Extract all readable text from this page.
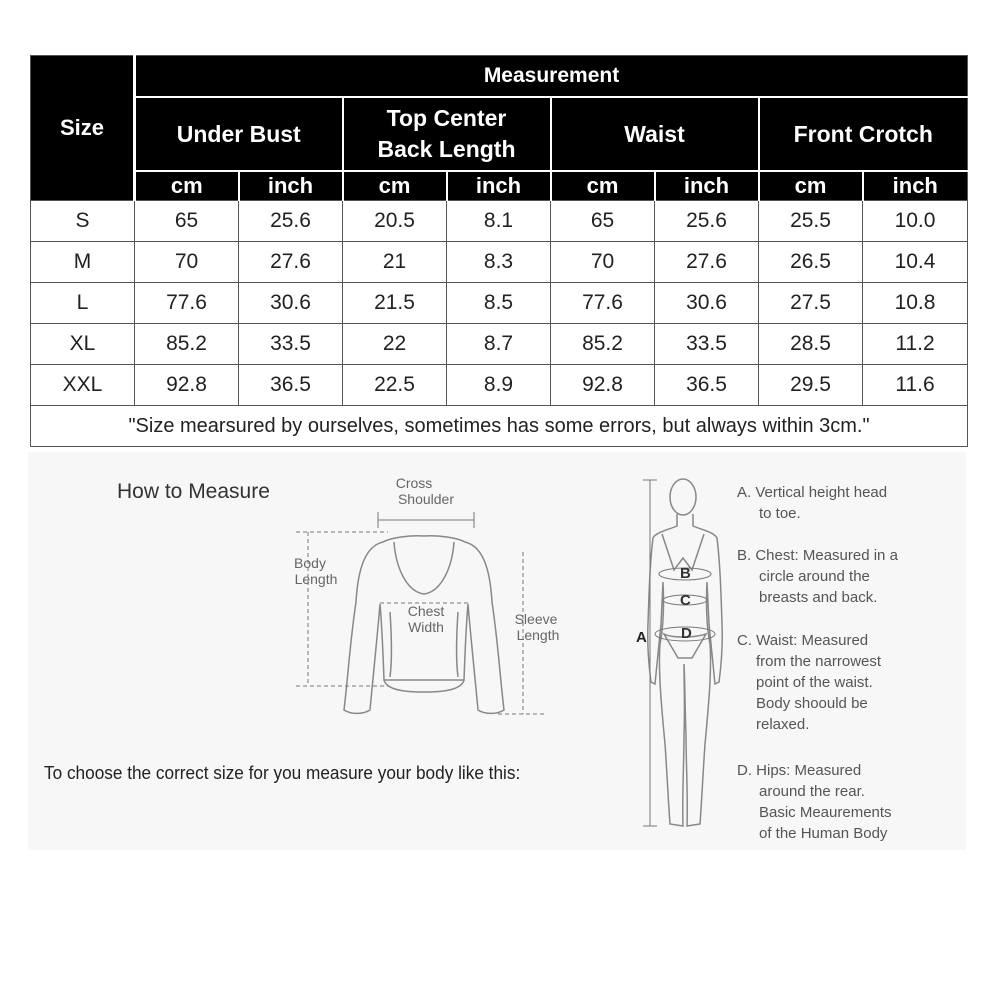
Size	Measurement							
	Under Bust		Top Center
Back Length		Waist		Front Crotch	
	cm	inch	cm	inch	cm	inch	cm	inch
S	65	25.6	20.5	8.1	65	25.6	25.5	10.0
M	70	27.6	21	8.3	70	27.6	26.5	10.4
L	77.6	30.6	21.5	8.5	77.6	30.6	27.5	10.8
XL	85.2	33.5	22	8.7	85.2	33.5	28.5	11.2
XXL	92.8	36.5	22.5	8.9	92.8	36.5	29.5	11.6
"Size mearsured by ourselves, sometimes has some errors, but always within 3cm."								
How to Measure	Cross Shoulder
Body Length
Chest Width	Sleeve Length	A
B
C
D
To choose the correct size for you measure your body like this:
A. Vertical height head
to toe.
B. Chest: Measured in a
circle around the
breasts and back.
C. Waist: Measured
from the narrowest
point of the waist.
Body shoould be
relaxed.
D. Hips: Measured
around the rear.
Basic Meaurements
of the Human Body
